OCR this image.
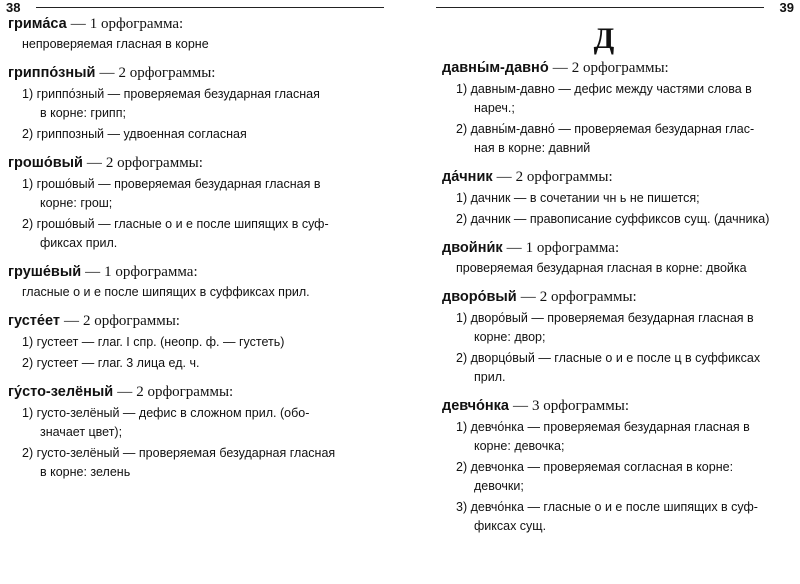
38
грима́са — 1 орфограмма:
непроверяемая гласная в корне
гриппо́зный — 2 орфограммы:
1) гриппо́зный — проверяемая безударная гласная
в корне: грипп;
2) гриппозный — удвоенная согласная
грошо́вый — 2 орфограммы:
1) грошо́вый — проверяемая безударная гласная в
корне: грош;
2) грошо́вый — гласные о и е после шипящих в суф-
фиксах прил.
груше́вый — 1 орфограмма:
гласные о и е после шипящих в суффиксах прил.
густе́ет — 2 орфограммы:
1) густеет — глаг. I спр. (неопр. ф. — густеть)
2) густеет — глаг. 3 лица ед. ч.
гу́сто-зелёный — 2 орфограммы:
1) густо-зелёный — дефис в сложном прил. (обо-
значает цвет);
2) густо-зелёный — проверяемая безударная гласная
в корне: зелень
39
Д
давны́м-давно́ — 2 орфограммы:
1) давным-давно — дефис между частями слова в
нареч.;
2) давны́м-давно́ — проверяемая безударная глас-
ная в корне: давний
да́чник — 2 орфограммы:
1) дачник — в сочетании чн ь не пишется;
2) дачник — правописание суффиксов сущ. (дачника)
двойни́к — 1 орфограмма:
проверяемая безударная гласная в корне: двойка
дворо́вый — 2 орфограммы:
1) дворо́вый — проверяемая безударная гласная в
корне: двор;
2) дворцо́вый — гласные о и е после ц в суффиксах
прил.
девчо́нка — 3 орфограммы:
1) девчо́нка — проверяемая безударная гласная в
корне: девочка;
2) девчонка — проверяемая согласная в корне:
девочки;
3) девчо́нка — гласные о и е после шипящих в суф-
фиксах сущ.
